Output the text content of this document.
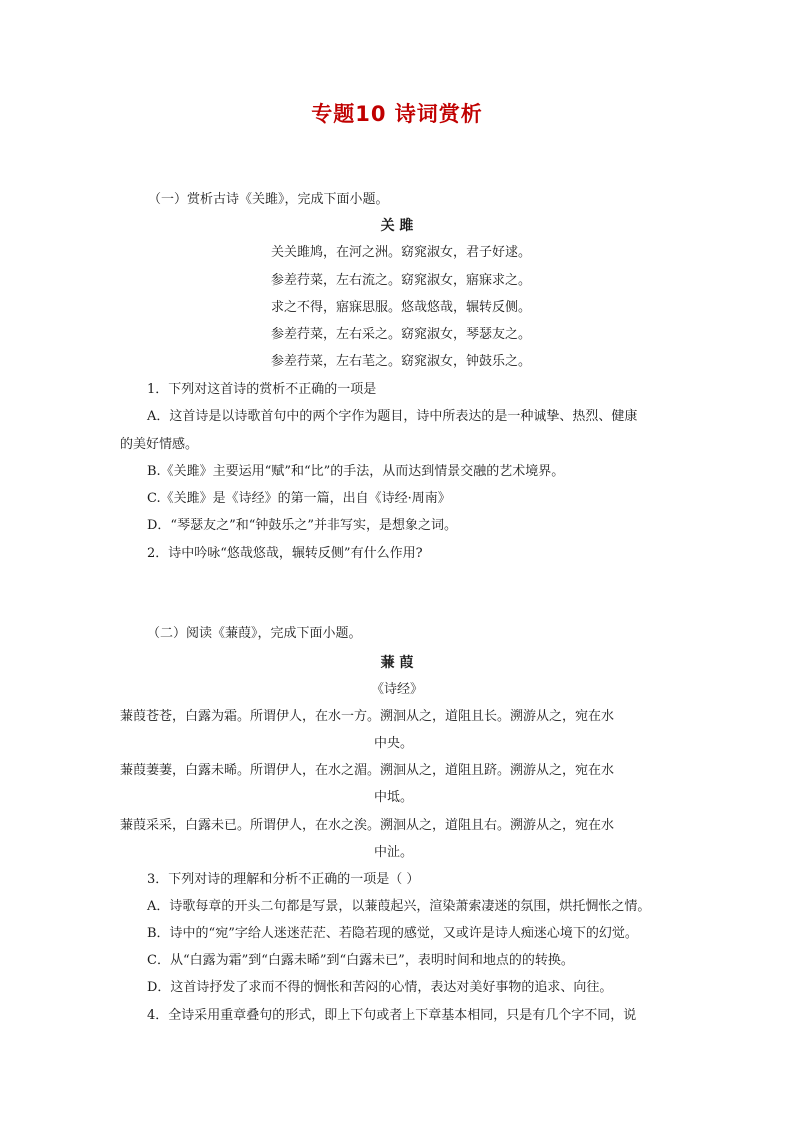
专题10 诗词赏析
（一）赏析古诗《关雎》，完成下面小题。
关 雎
关关雎鸠，在河之洲。窈窕淑女，君子好逑。
参差荇菜，左右流之。窈窕淑女，寤寐求之。
求之不得，寤寐思服。悠哉悠哉，辗转反侧。
参差荇菜，左右采之。窈窕淑女，琴瑟友之。
参差荇菜，左右芼之。窈窕淑女，钟鼓乐之。
1．下列对这首诗的赏析不正确的一项是
A．这首诗是以诗歌首句中的两个字作为题目，诗中所表达的是一种诚挚、热烈、健康
的美好情感。
B.《关雎》主要运用“赋”和“比”的手法，从而达到情景交融的艺术境界。
C.《关雎》是《诗经》的第一篇，出自《诗经·周南》
D．“琴瑟友之”和“钟鼓乐之”并非写实，是想象之词。
2．诗中吟咏“悠哉悠哉，辗转反侧”有什么作用?
（二）阅读《蒹葭》，完成下面小题。
蒹 葭
《诗经》
蒹葭苍苍，白露为霜。所谓伊人，在水一方。溯洄从之，道阻且长。溯游从之，宛在水
中央。
蒹葭萋萋，白露未晞。所谓伊人，在水之湄。溯洄从之，道阻且跻。溯游从之，宛在水
中坻。
蒹葭采采，白露未已。所谓伊人，在水之涘。溯洄从之，道阻且右。溯游从之，宛在水
中沚。
3．下列对诗的理解和分析不正确的一项是（ ）
A．诗歌每章的开头二句都是写景，以蒹葭起兴，渲染萧索凄迷的氛围，烘托惆怅之情。
B．诗中的“宛”字给人迷迷茫茫、若隐若现的感觉，又或许是诗人痴迷心境下的幻觉。
C．从“白露为霜”到“白露未晞”到“白露未已”，表明时间和地点的的转换。
D．这首诗抒发了求而不得的惆怅和苦闷的心情，表达对美好事物的追求、向往。
4．全诗采用重章叠句的形式，即上下句或者上下章基本相同，只是有几个字不同，说
